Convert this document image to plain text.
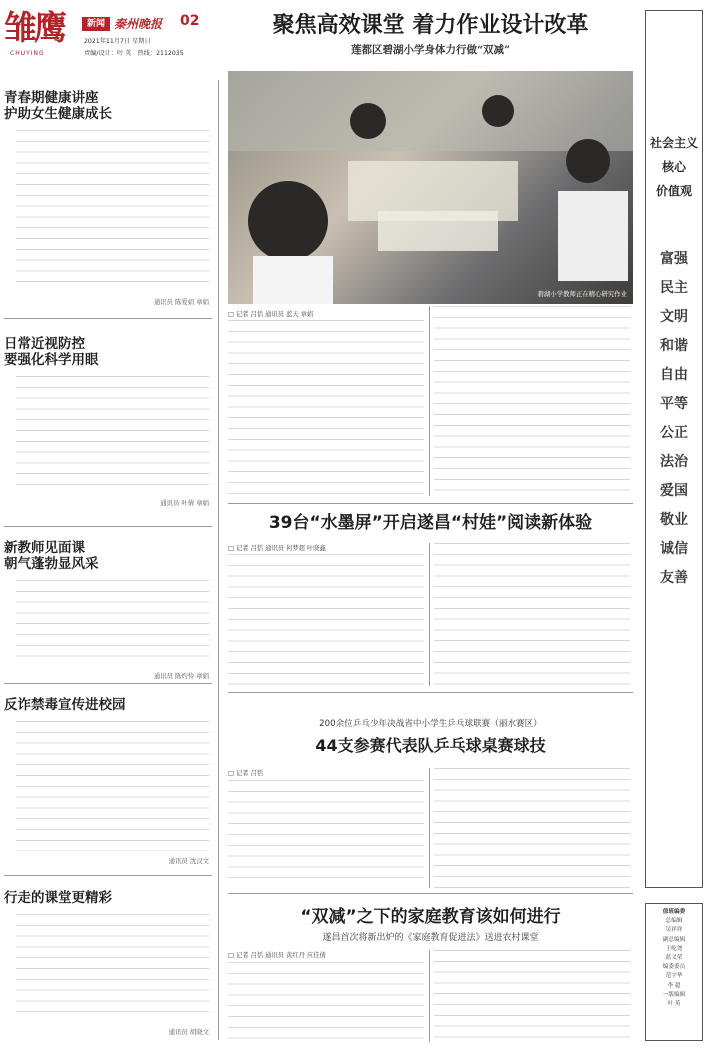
雏鹰
CHUYING
新闻 秦州晚报 02
2021年11月7日 星期日
责编/设计：叶 英　热线：2112035
青春期健康讲座
护助女生健康成长
通讯员 陈爱娟 章娟
日常近视防控
要强化科学用眼
通讯员 叶倩 章娟
新教师见面课
朝气蓬勃显风采
通讯员 陈灼怜 章娟
反诈禁毒宣传进校园
通讯员 沈汉文
行走的课堂更精彩
通讯员 胡晓文
聚焦高效课堂 着力作业设计改革
莲都区碧湖小学身体力行做“双减”
碧湖小学教师正在精心研究作业
□ 记者 吕恬 通讯员 蓝天 章娟
39台“水墨屏”开启遂昌“村娃”阅读新体验
□ 记者 吕恬 通讯员 何梦超 叶晓鑫
200余位乒乓少年决战省中小学生乒乓球联赛（丽水赛区）
44支参赛代表队乒乓球桌赛球技
□ 记者 吕恬
“双减”之下的家庭教育该如何进行
遂昌首次将新出炉的《家庭教育促进法》送进农村课堂
□ 记者 吕恬 通讯员 黄红丹 应佳倩
社会主义
核心
价值观
富强
民主
文明
和谐
自由
平等
公正
法治
爱国
敬业
诚信
友善
值班编委
总编辑
吴祥祥
副总编辑
王屹尧
蓝义荣
编委委员
范宇华
李 超
一版编辑
叶 英
